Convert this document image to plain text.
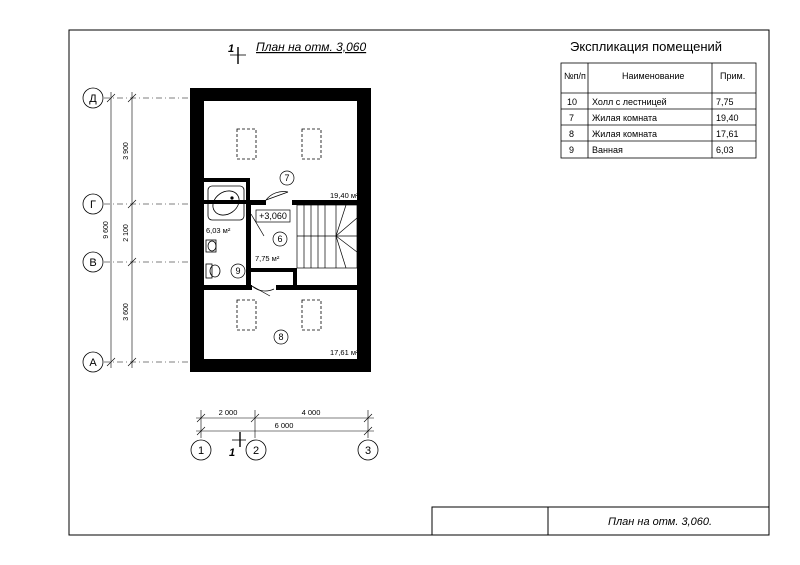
1 План на отм. 3,060	Экспликация помещений
№п/п	Наименование	Прим.
10 Холл с лестницей	7,75
7 Жилая комната	19,40
8 Жилая комната	17,61
9 Ванная	6,03
Д
Г
В
А
9 600
3 900
2 100
3 600
+3,060
7
19,40 м²
6,03 м²
9
6
7,75 м²
8
17,61 м²
2 000	4 000
6 000
1	2	3
1
План на отм. 3,060.
